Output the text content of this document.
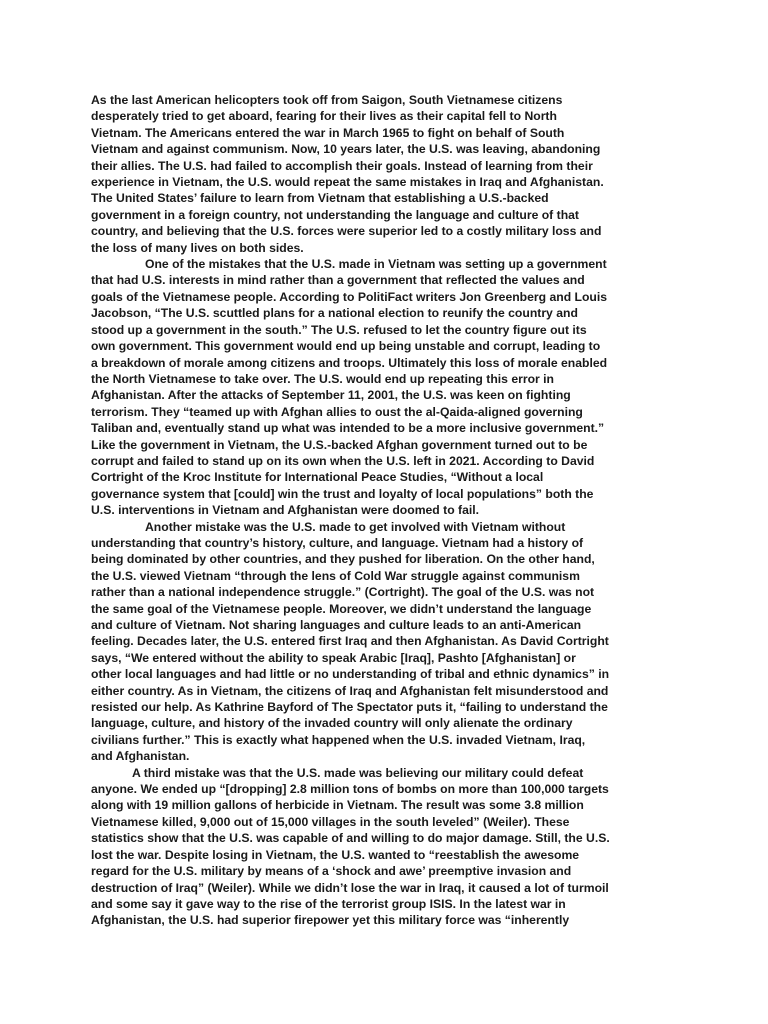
As the last American helicopters took off from Saigon, South Vietnamese citizens
desperately tried to get aboard, fearing for their lives as their capital fell to North
Vietnam. The Americans entered the war in March 1965 to fight on behalf of South
Vietnam and against communism. Now, 10 years later, the U.S. was leaving, abandoning
their allies. The U.S. had failed to accomplish their goals. Instead of learning from their
experience in Vietnam, the U.S. would repeat the same mistakes in Iraq and Afghanistan.
The United States’ failure to learn from Vietnam that establishing a U.S.-backed
government in a foreign country, not understanding the language and culture of that
country, and believing that the U.S. forces were superior led to a costly military loss and
the loss of many lives on both sides.

One of the mistakes that the U.S. made in Vietnam was setting up a government
that had U.S. interests in mind rather than a government that reflected the values and
goals of the Vietnamese people. According to PolitiFact writers Jon Greenberg and Louis
Jacobson, “The U.S. scuttled plans for a national election to reunify the country and
stood up a government in the south.” The U.S. refused to let the country figure out its
own government. This government would end up being unstable and corrupt, leading to
a breakdown of morale among citizens and troops. Ultimately this loss of morale enabled
the North Vietnamese to take over. The U.S. would end up repeating this error in
Afghanistan. After the attacks of September 11, 2001, the U.S. was keen on fighting
terrorism. They “teamed up with Afghan allies to oust the al-Qaida-aligned governing
Taliban and, eventually stand up what was intended to be a more inclusive government.”
Like the government in Vietnam, the U.S.-backed Afghan government turned out to be
corrupt and failed to stand up on its own when the U.S. left in 2021. According to David
Cortright of the Kroc Institute for International Peace Studies, “Without a local
governance system that [could] win the trust and loyalty of local populations” both the
U.S. interventions in Vietnam and Afghanistan were doomed to fail.

Another mistake was the U.S. made to get involved with Vietnam without
understanding that country’s history, culture, and language. Vietnam had a history of
being dominated by other countries, and they pushed for liberation. On the other hand,
the U.S. viewed Vietnam “through the lens of Cold War struggle against communism
rather than a national independence struggle.” (Cortright). The goal of the U.S. was not
the same goal of the Vietnamese people. Moreover, we didn’t understand the language
and culture of Vietnam. Not sharing languages and culture leads to an anti-American
feeling. Decades later, the U.S. entered first Iraq and then Afghanistan. As David Cortright
says, “We entered without the ability to speak Arabic [Iraq], Pashto [Afghanistan] or
other local languages and had little or no understanding of tribal and ethnic dynamics” in
either country. As in Vietnam, the citizens of Iraq and Afghanistan felt misunderstood and
resisted our help. As Kathrine Bayford of The Spectator puts it, “failing to understand the
language, culture, and history of the invaded country will only alienate the ordinary
civilians further.” This is exactly what happened when the U.S. invaded Vietnam, Iraq,
and Afghanistan.

A third mistake was that the U.S. made was believing our military could defeat
anyone. We ended up “[dropping] 2.8 million tons of bombs on more than 100,000 targets
along with 19 million gallons of herbicide in Vietnam. The result was some 3.8 million
Vietnamese killed, 9,000 out of 15,000 villages in the south leveled” (Weiler). These
statistics show that the U.S. was capable of and willing to do major damage. Still, the U.S.
lost the war. Despite losing in Vietnam, the U.S. wanted to “reestablish the awesome
regard for the U.S. military by means of a ‘shock and awe’ preemptive invasion and
destruction of Iraq” (Weiler). While we didn’t lose the war in Iraq, it caused a lot of turmoil
and some say it gave way to the rise of the terrorist group ISIS. In the latest war in
Afghanistan, the U.S. had superior firepower yet this military force was “inherently
